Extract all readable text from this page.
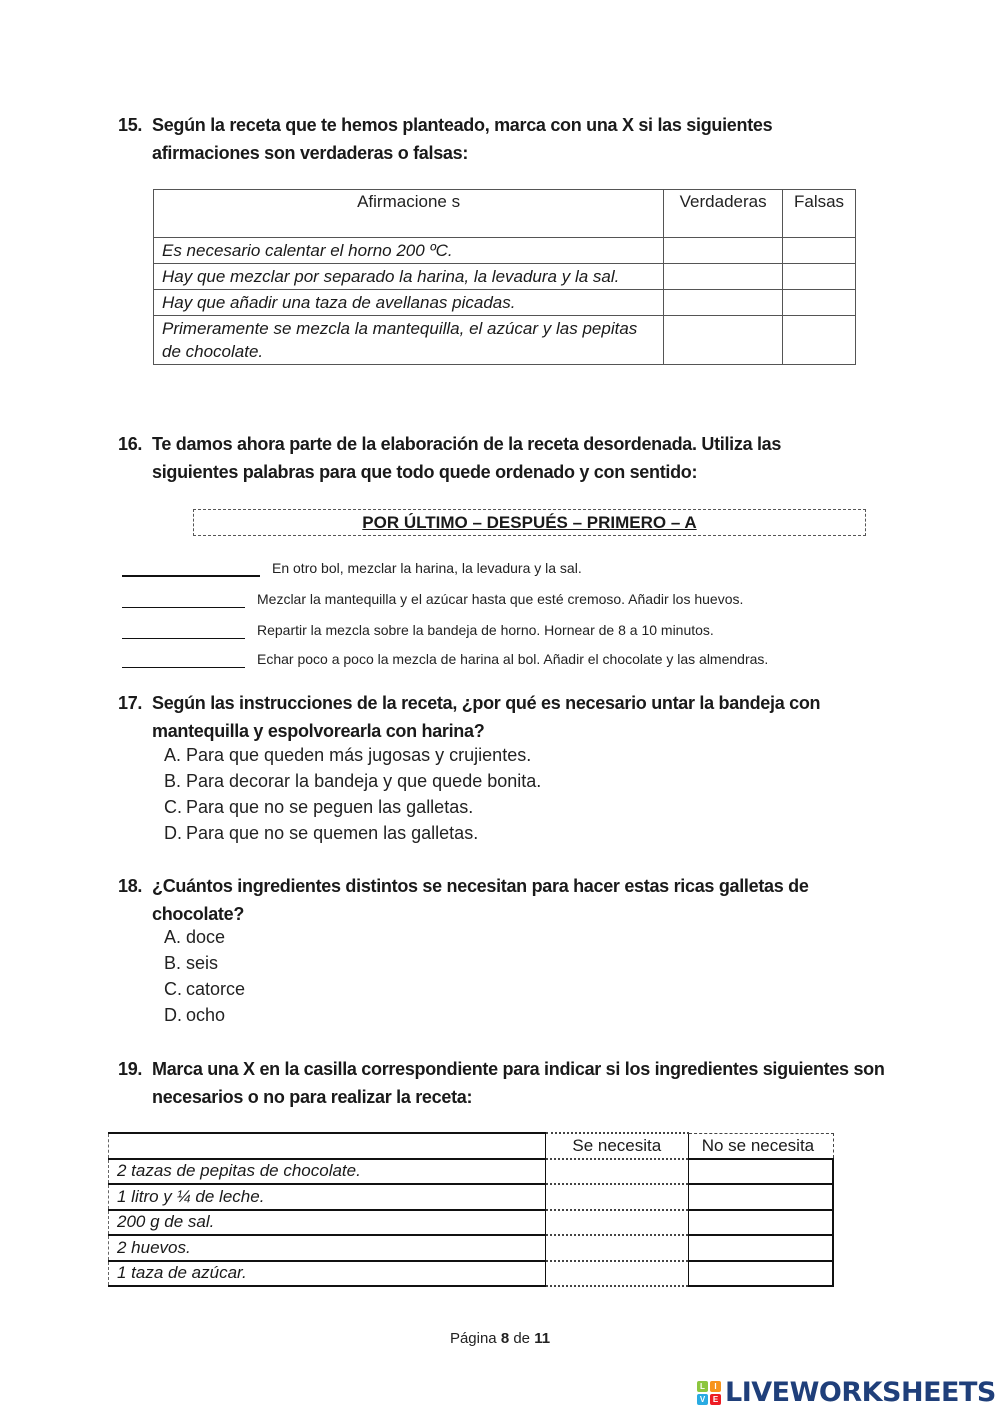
15. Según la receta que te hemos planteado, marca con una X si las siguientes afirmaciones son verdaderas o falsas:
Afirmacione s	Verdaderas	Falsas
Es necesario calentar el horno 200 ºC.		
Hay que mezclar por separado la harina, la levadura y la sal.		
Hay que añadir una taza de avellanas picadas.		
Primeramente se mezcla la mantequilla, el azúcar y las pepitas de chocolate.		
16. Te damos ahora parte de la elaboración de la receta desordenada. Utiliza las siguientes palabras para que todo quede ordenado y con sentido:
POR ÚLTIMO – DESPUÉS – PRIMERO – A
En otro bol, mezclar la harina, la levadura y la sal.
Mezclar la mantequilla y el azúcar hasta que esté cremoso. Añadir los huevos.
Repartir la mezcla sobre la bandeja de horno. Hornear de 8 a 10 minutos.
Echar poco a poco la mezcla de harina al bol. Añadir el chocolate y las almendras.
17. Según las instrucciones de la receta, ¿por qué es necesario untar la bandeja con mantequilla y espolvorearla con harina?
A. Para que queden más jugosas y crujientes.
B. Para decorar la bandeja y que quede bonita.
C. Para que no se peguen las galletas.
D. Para que no se quemen las galletas.
18. ¿Cuántos ingredientes distintos se necesitan para hacer estas ricas galletas de chocolate?
A. doce
B. seis
C. catorce
D. ocho
19. Marca una X en la casilla correspondiente para indicar si los ingredientes siguientes son necesarios o no para realizar la receta:
	Se necesita	No se necesita
2 tazas de pepitas de chocolate.		
1 litro y ¼ de leche.		
200 g de sal.		
2 huevos.		
1 taza de azúcar.		
Página 8 de 11
L	I
V E LIVEWORKSHEETS
